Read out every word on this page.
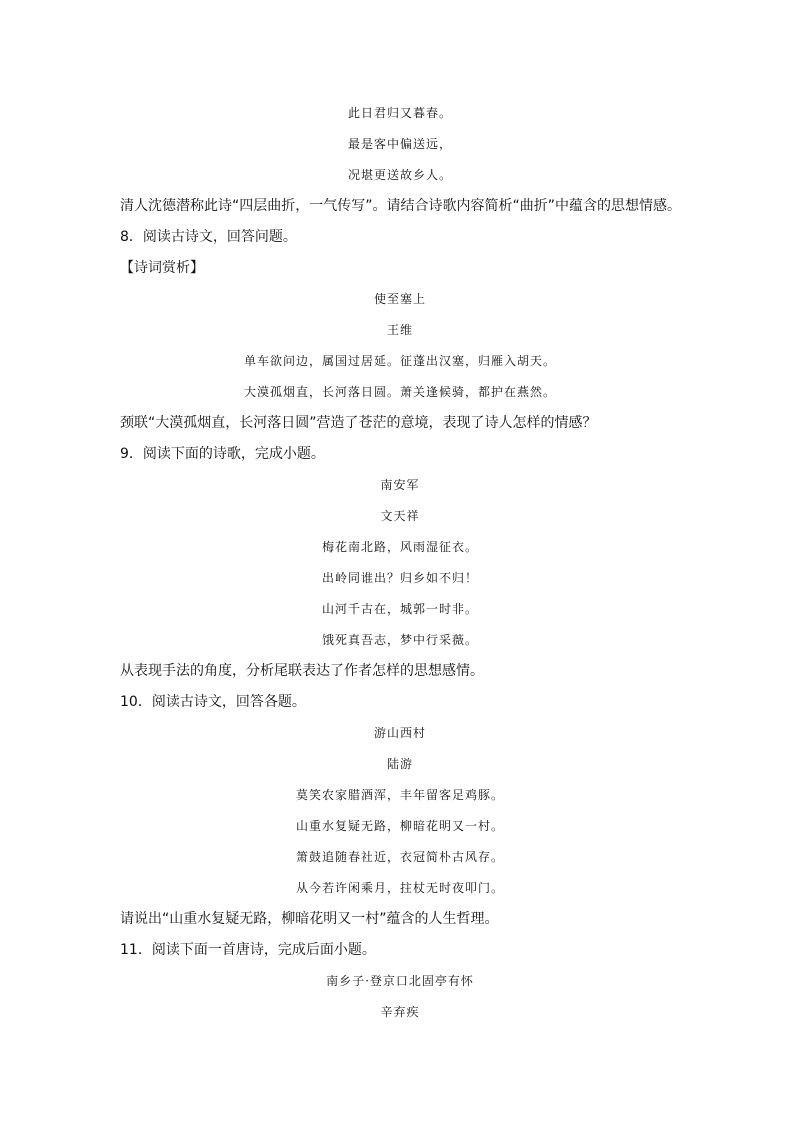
此日君归又暮春。

最是客中偏送远，

况堪更送故乡人。

清人沈德潜称此诗“四层曲折，一气传写”。请结合诗歌内容简析“曲折”中蕴含的思想情感。

8．阅读古诗文，回答问题。

【诗词赏析】

使至塞上

王维

单车欲问边，属国过居延。征蓬出汉塞，归雁入胡天。

大漠孤烟直，长河落日圆。萧关逢候骑，都护在燕然。

颈联“大漠孤烟直，长河落日圆”营造了苍茫的意境，表现了诗人怎样的情感？

9．阅读下面的诗歌，完成小题。

南安军

文天祥

梅花南北路，风雨湿征衣。

出岭同谁出？归乡如不归！

山河千古在，城郭一时非。

饿死真吾志，梦中行采薇。

从表现手法的角度，分析尾联表达了作者怎样的思想感情。

10．阅读古诗文，回答各题。

游山西村

陆游

莫笑农家腊酒浑，丰年留客足鸡豚。

山重水复疑无路，柳暗花明又一村。

箫鼓追随春社近，衣冠简朴古风存。

从今若许闲乘月，拄杖无时夜叩门。

请说出“山重水复疑无路，柳暗花明又一村”蕴含的人生哲理。

11．阅读下面一首唐诗，完成后面小题。

南乡子·登京口北固亭有怀

辛弃疾
